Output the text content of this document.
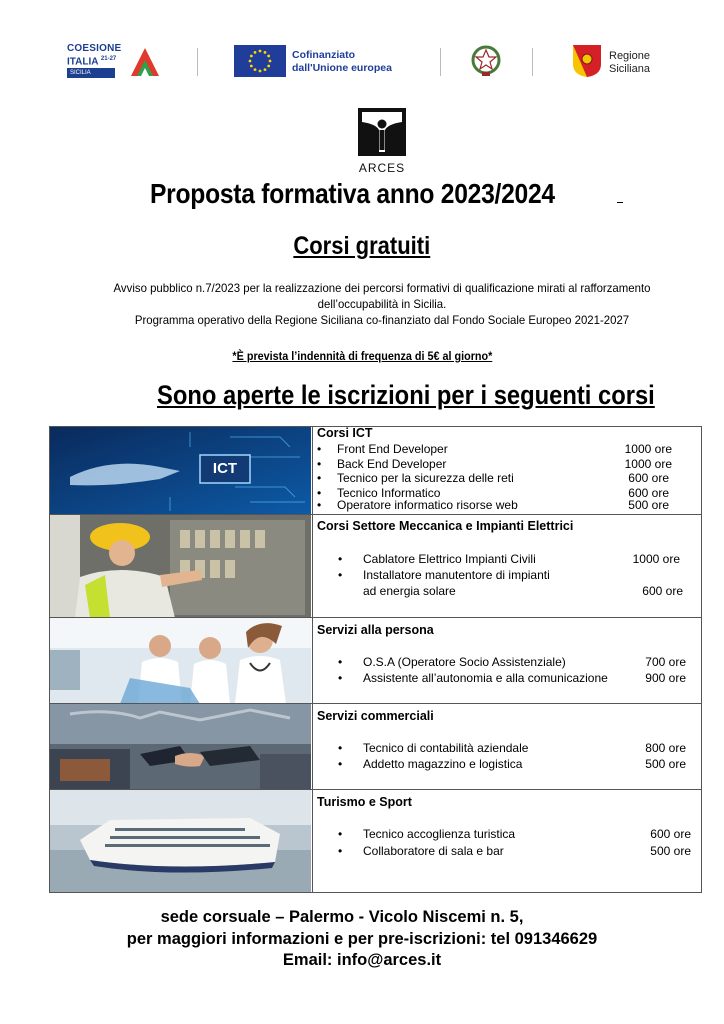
COESIONE
ITALIA $^{21-27}$
SICILIA
Cofinanziato
dall'Unione europea
Regione
Siciliana
ARCES
Proposta formativa anno 2023/2024
Corsi gratuiti
Avviso pubblico n.7/2023 per la realizzazione dei percorsi formativi di qualificazione mirati al rafforzamento
dell’occupabilità in Sicilia.
Programma operativo della Regione Siciliana co-finanziato dal Fondo Sociale Europeo 2021-2027
*È prevista l’indennità di frequenza di 5€ al giorno*
Sono aperte le iscrizioni per i seguenti corsi
ICT
Corsi ICT
• Front End Developer	1000 ore
• Back End Developer	1000 ore
• Tecnico per la sicurezza delle reti	600 ore
• Tecnico Informatico	600 ore
• Operatore informatico risorse web	500 ore
Corsi Settore Meccanica e Impianti Elettrici
• Cablatore Elettrico Impianti Civili	1000 ore
• Installatore manutentore di impianti
ad energia solare	600 ore
Servizi alla persona
• O.S.A (Operatore Socio Assistenziale)	700 ore
• Assistente all’autonomia e alla comunicazione	900 ore
Servizi commerciali
• Tecnico di contabilità aziendale	800 ore
• Addetto magazzino e logistica	500 ore
Turismo e Sport
• Tecnico accoglienza turistica	600 ore
• Collaboratore di sala e bar	500 ore
sede corsuale – Palermo - Vicolo Niscemi n. 5,
per maggiori informazioni e per pre-iscrizioni: tel 091346629
Email: info@arces.it
